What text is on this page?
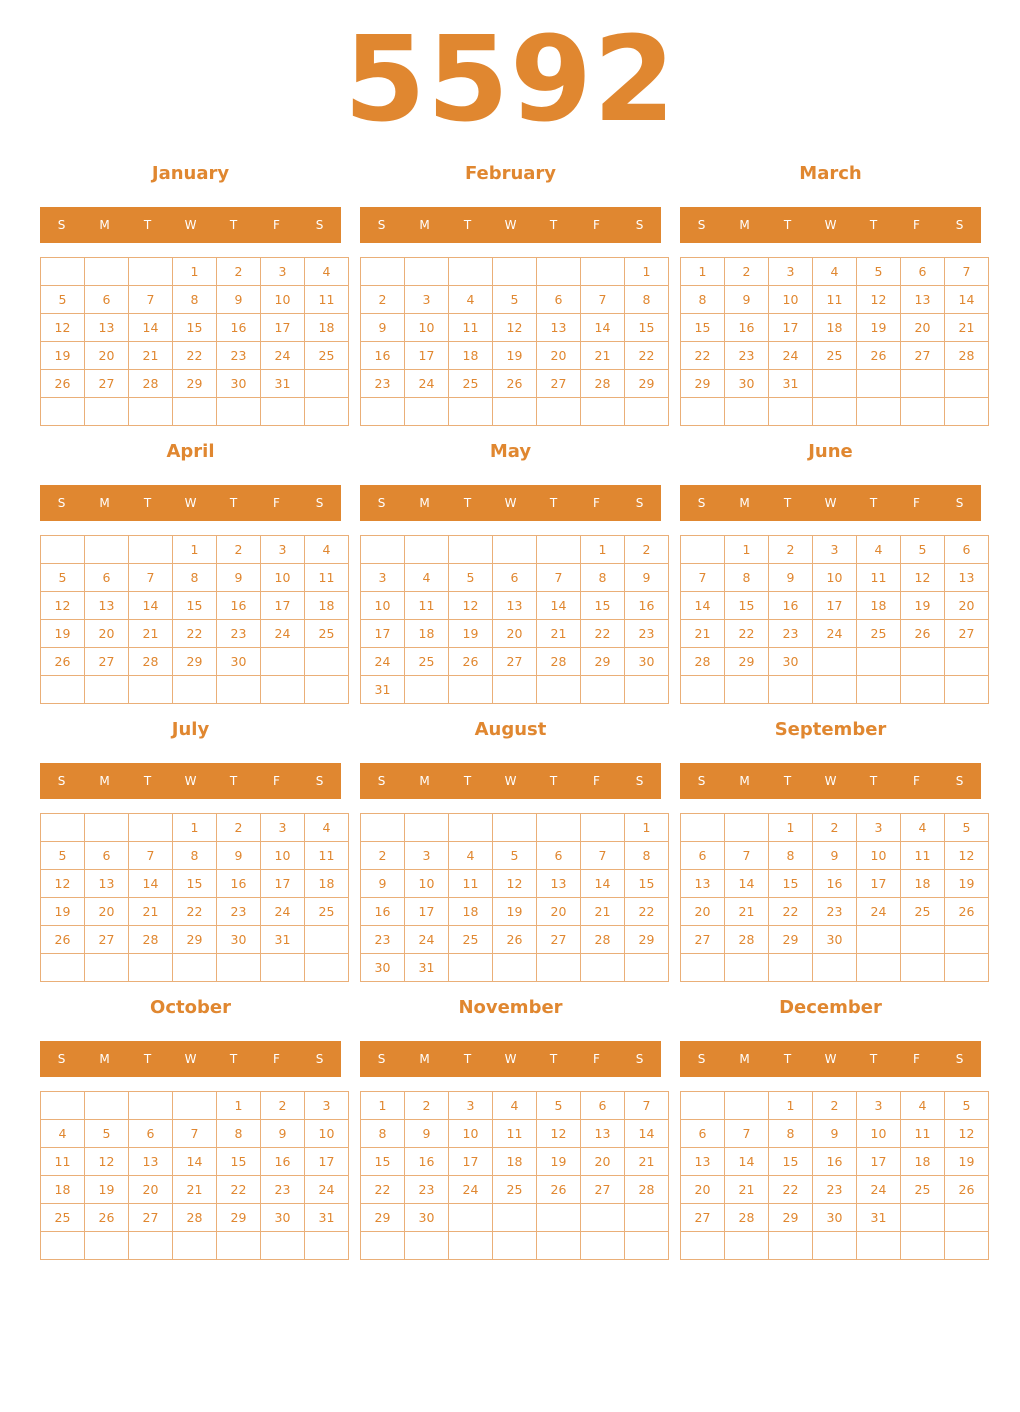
5592
January
S	M	T	W	T	F	S
			1	2	3	4
5	6	7	8	9	10	11
12	13	14	15	16	17	18
19	20	21	22	23	24	25
26	27	28	29	30	31	

February
S	M	T	W	T	F	S
						1
2	3	4	5	6	7	8
9	10	11	12	13	14	15
16	17	18	19	20	21	22
23	24	25	26	27	28	29

March
S	M	T	W	T	F	S
1	2	3	4	5	6	7
8	9	10	11	12	13	14
15	16	17	18	19	20	21
22	23	24	25	26	27	28
29	30	31				

April
S	M	T	W	T	F	S
			1	2	3	4
5	6	7	8	9	10	11
12	13	14	15	16	17	18
19	20	21	22	23	24	25
26	27	28	29	30		

May
S	M	T	W	T	F	S
					1	2
3	4	5	6	7	8	9
10	11	12	13	14	15	16
17	18	19	20	21	22	23
24	25	26	27	28	29	30
31						
June
S	M	T	W	T	F	S
	1	2	3	4	5	6
7	8	9	10	11	12	13
14	15	16	17	18	19	20
21	22	23	24	25	26	27
28	29	30				

July
S	M	T	W	T	F	S
			1	2	3	4
5	6	7	8	9	10	11
12	13	14	15	16	17	18
19	20	21	22	23	24	25
26	27	28	29	30	31	

August
S	M	T	W	T	F	S
						1
2	3	4	5	6	7	8
9	10	11	12	13	14	15
16	17	18	19	20	21	22
23	24	25	26	27	28	29
30	31					
September
S	M	T	W	T	F	S
		1	2	3	4	5
6	7	8	9	10	11	12
13	14	15	16	17	18	19
20	21	22	23	24	25	26
27	28	29	30			

October
S	M	T	W	T	F	S
				1	2	3
4	5	6	7	8	9	10
11	12	13	14	15	16	17
18	19	20	21	22	23	24
25	26	27	28	29	30	31

November
S	M	T	W	T	F	S
1	2	3	4	5	6	7
8	9	10	11	12	13	14
15	16	17	18	19	20	21
22	23	24	25	26	27	28
29	30					

December
S	M	T	W	T	F	S
		1	2	3	4	5
6	7	8	9	10	11	12
13	14	15	16	17	18	19
20	21	22	23	24	25	26
27	28	29	30	31		
